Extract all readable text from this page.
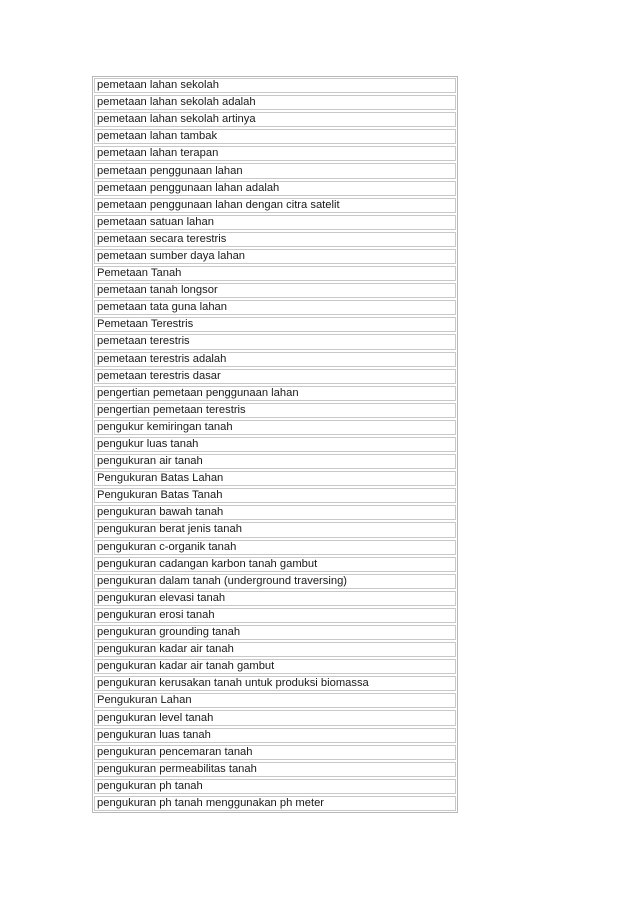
pemetaan lahan sekolah
pemetaan lahan sekolah adalah
pemetaan lahan sekolah artinya
pemetaan lahan tambak
pemetaan lahan terapan
pemetaan penggunaan lahan
pemetaan penggunaan lahan adalah
pemetaan penggunaan lahan dengan citra satelit
pemetaan satuan lahan
pemetaan secara terestris
pemetaan sumber daya lahan
Pemetaan Tanah
pemetaan tanah longsor
pemetaan tata guna lahan
Pemetaan Terestris
pemetaan terestris
pemetaan terestris adalah
pemetaan terestris dasar
pengertian pemetaan penggunaan lahan
pengertian pemetaan terestris
pengukur kemiringan tanah
pengukur luas tanah
pengukuran air tanah
Pengukuran Batas Lahan
Pengukuran Batas Tanah
pengukuran bawah tanah
pengukuran berat jenis tanah
pengukuran c-organik tanah
pengukuran cadangan karbon tanah gambut
pengukuran dalam tanah (underground traversing)
pengukuran elevasi tanah
pengukuran erosi tanah
pengukuran grounding tanah
pengukuran kadar air tanah
pengukuran kadar air tanah gambut
pengukuran kerusakan tanah untuk produksi biomassa
Pengukuran Lahan
pengukuran level tanah
pengukuran luas tanah
pengukuran pencemaran tanah
pengukuran permeabilitas tanah
pengukuran ph tanah
pengukuran ph tanah menggunakan ph meter
